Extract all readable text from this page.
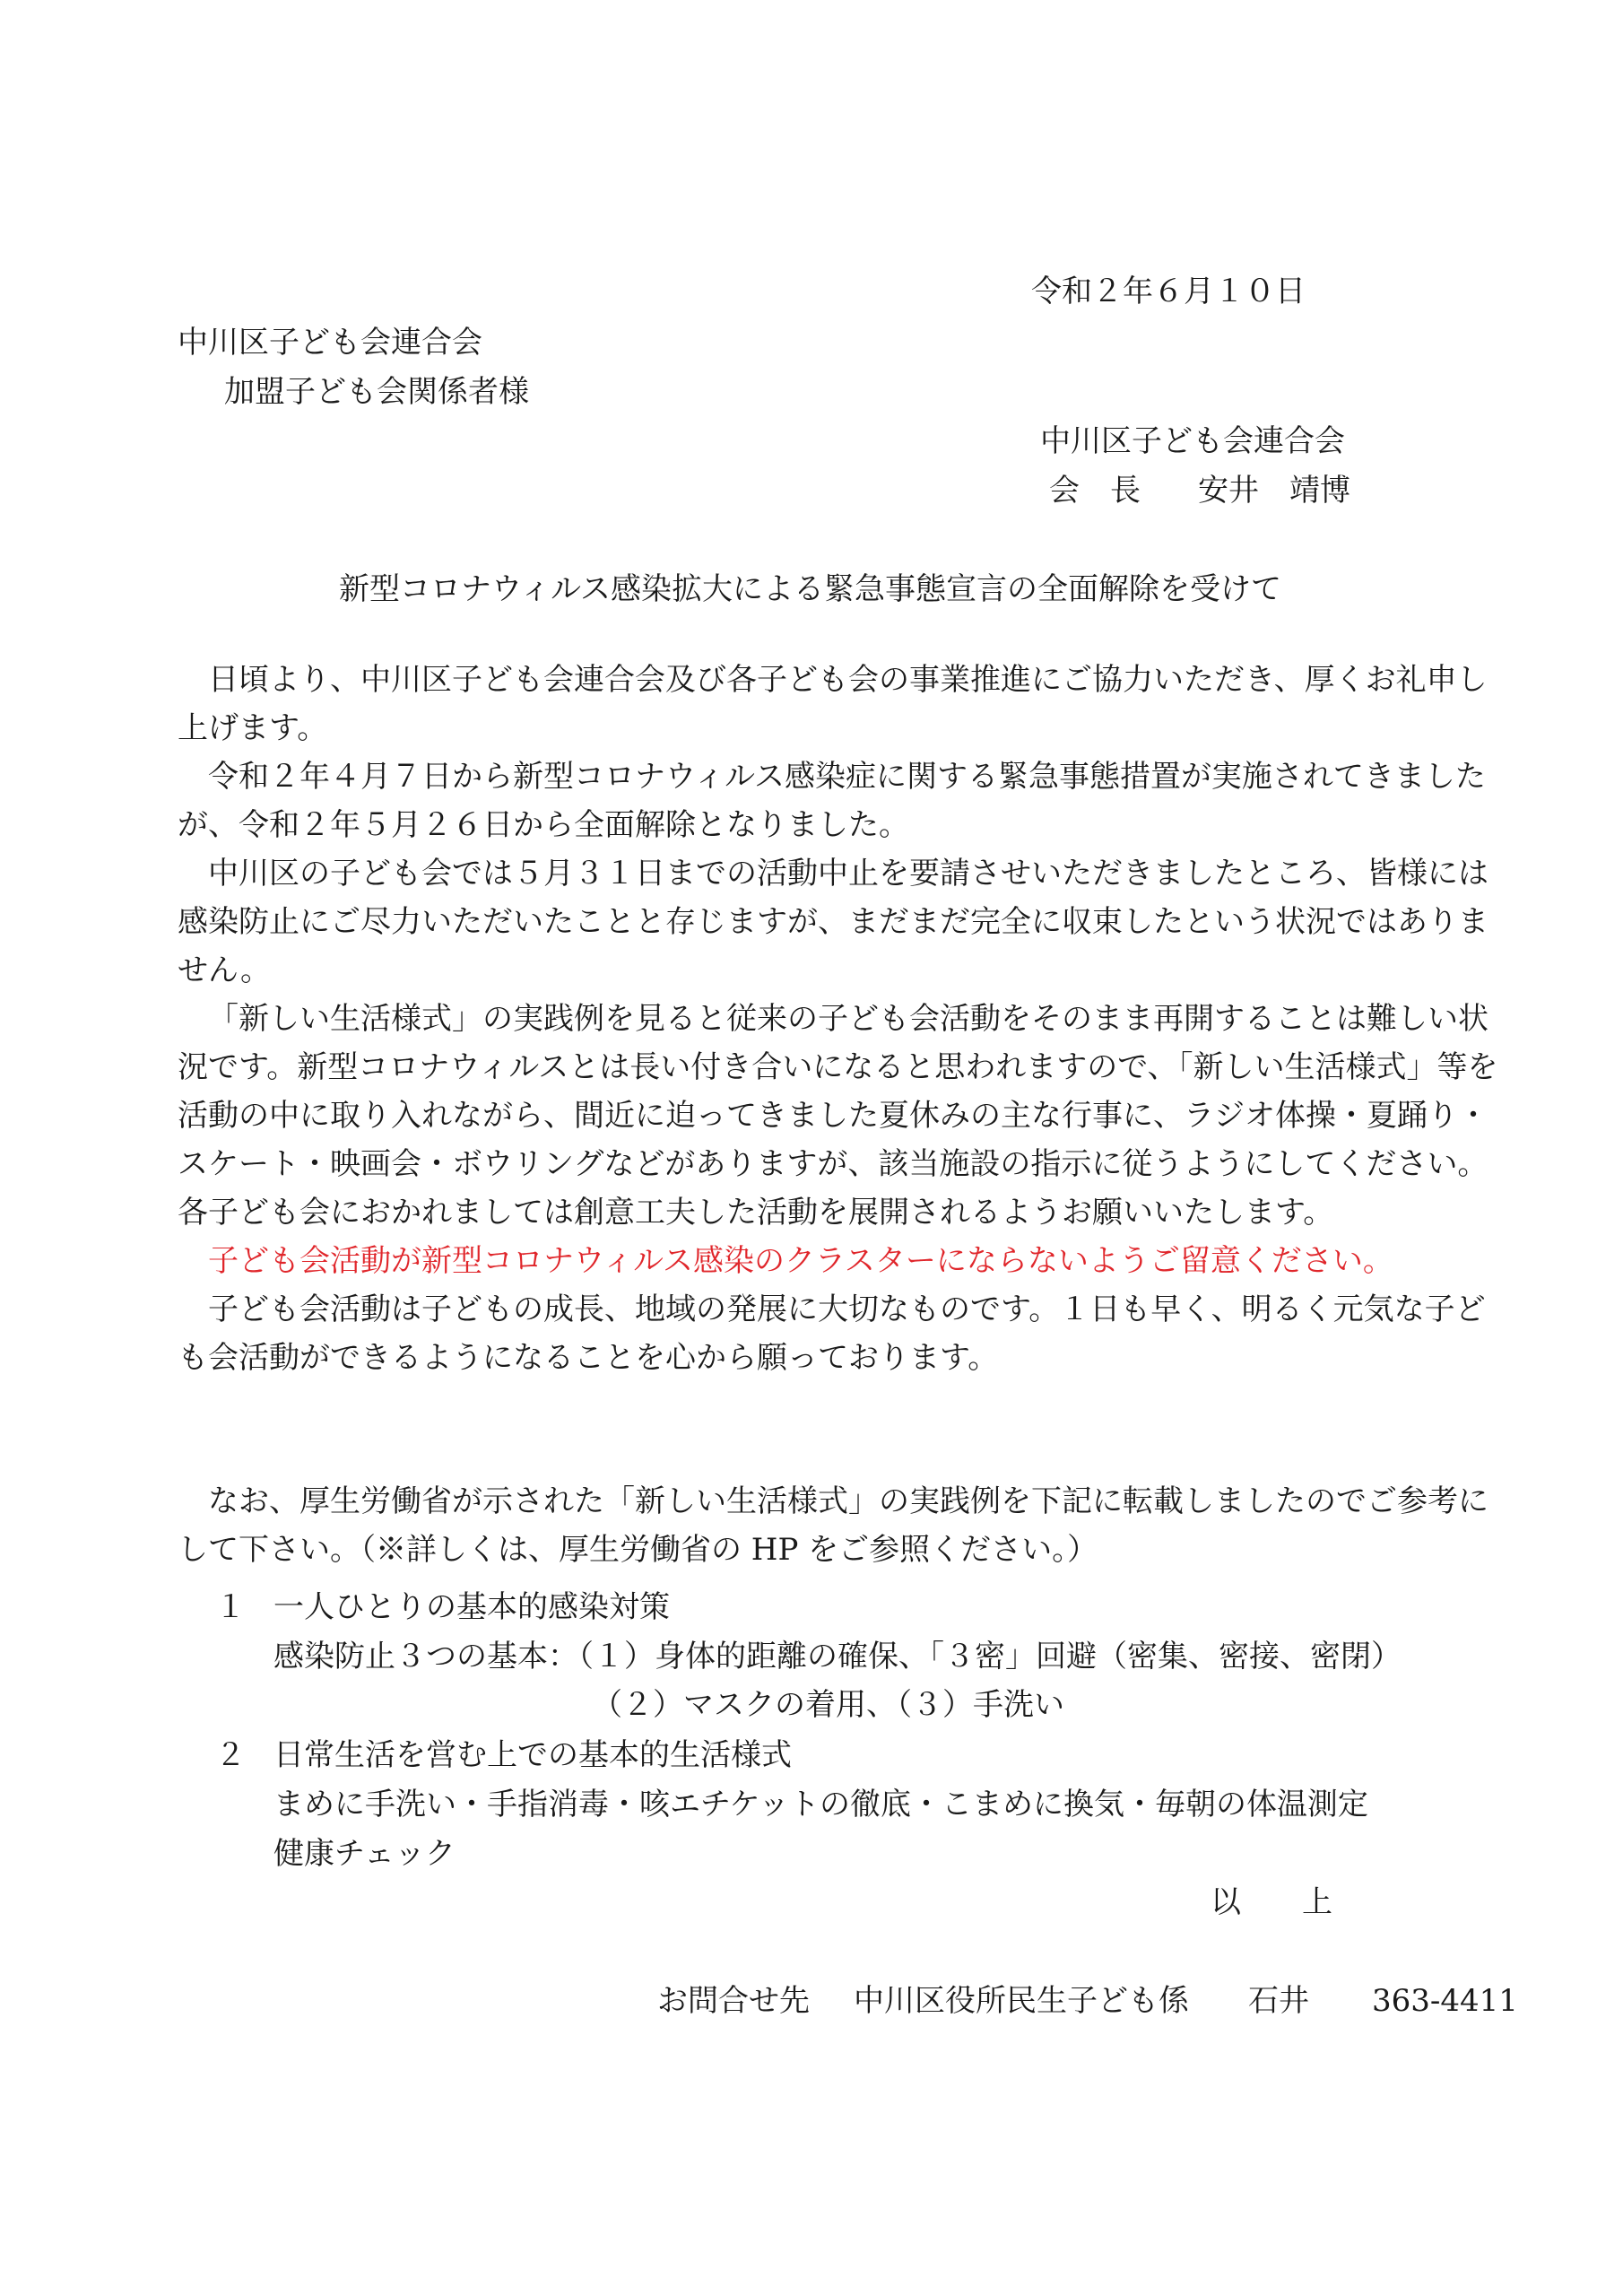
令和２年６月１０日
中川区子ども会連合会
加盟子ども会関係者様
中川区子ども会連合会
会　長 安井　靖博
新型コロナウィルス感染拡大による緊急事態宣言の全面解除を受けて

日頃より、中川区子ども会連合会及び各子ども会の事業推進にご協力いただき、厚くお礼申し上げます。

令和２年４月７日から新型コロナウィルス感染症に関する緊急事態措置が実施されてきましたが、令和２年５月２６日から全面解除となりました。

中川区の子ども会では５月３１日までの活動中止を要請させいただきましたところ、皆様には感染防止にご尽力いただいたことと存じますが、まだまだ完全に収束したという状況ではありません。

「新しい生活様式」の実践例を見ると従来の子ども会活動をそのまま再開することは難しい状況です。新型コロナウィルスとは長い付き合いになると思われますので、「新しい生活様式」等を活動の中に取り入れながら、間近に迫ってきました夏休みの主な行事に、ラジオ体操・夏踊り・スケート・映画会・ボウリングなどがありますが、該当施設の指示に従うようにしてください。各子ども会におかれましては創意工夫した活動を展開されるようお願いいたします。

子ども会活動が新型コロナウィルス感染のクラスターにならないようご留意ください。

子ども会活動は子どもの成長、地域の発展に大切なものです。１日も早く、明るく元気な子ども会活動ができるようになることを心から願っております。

なお、厚生労働省が示された「新しい生活様式」の実践例を下記に転載しましたのでご参考にして下さい。（※詳しくは、厚生労働省の HP をご参照ください。）

１ 一人ひとりの基本的感染対策
感染防止３つの基本：（１）身体的距離の確保、「３密」回避（密集、密接、密閉）
（２）マスクの着用、（３）手洗い
２ 日常生活を営む上での基本的生活様式
まめに手洗い・手指消毒・咳エチケットの徹底・こまめに換気・毎朝の体温測定
健康チェック
以 上
お問合せ先 中川区役所民生子ども係 石井 363-4411
